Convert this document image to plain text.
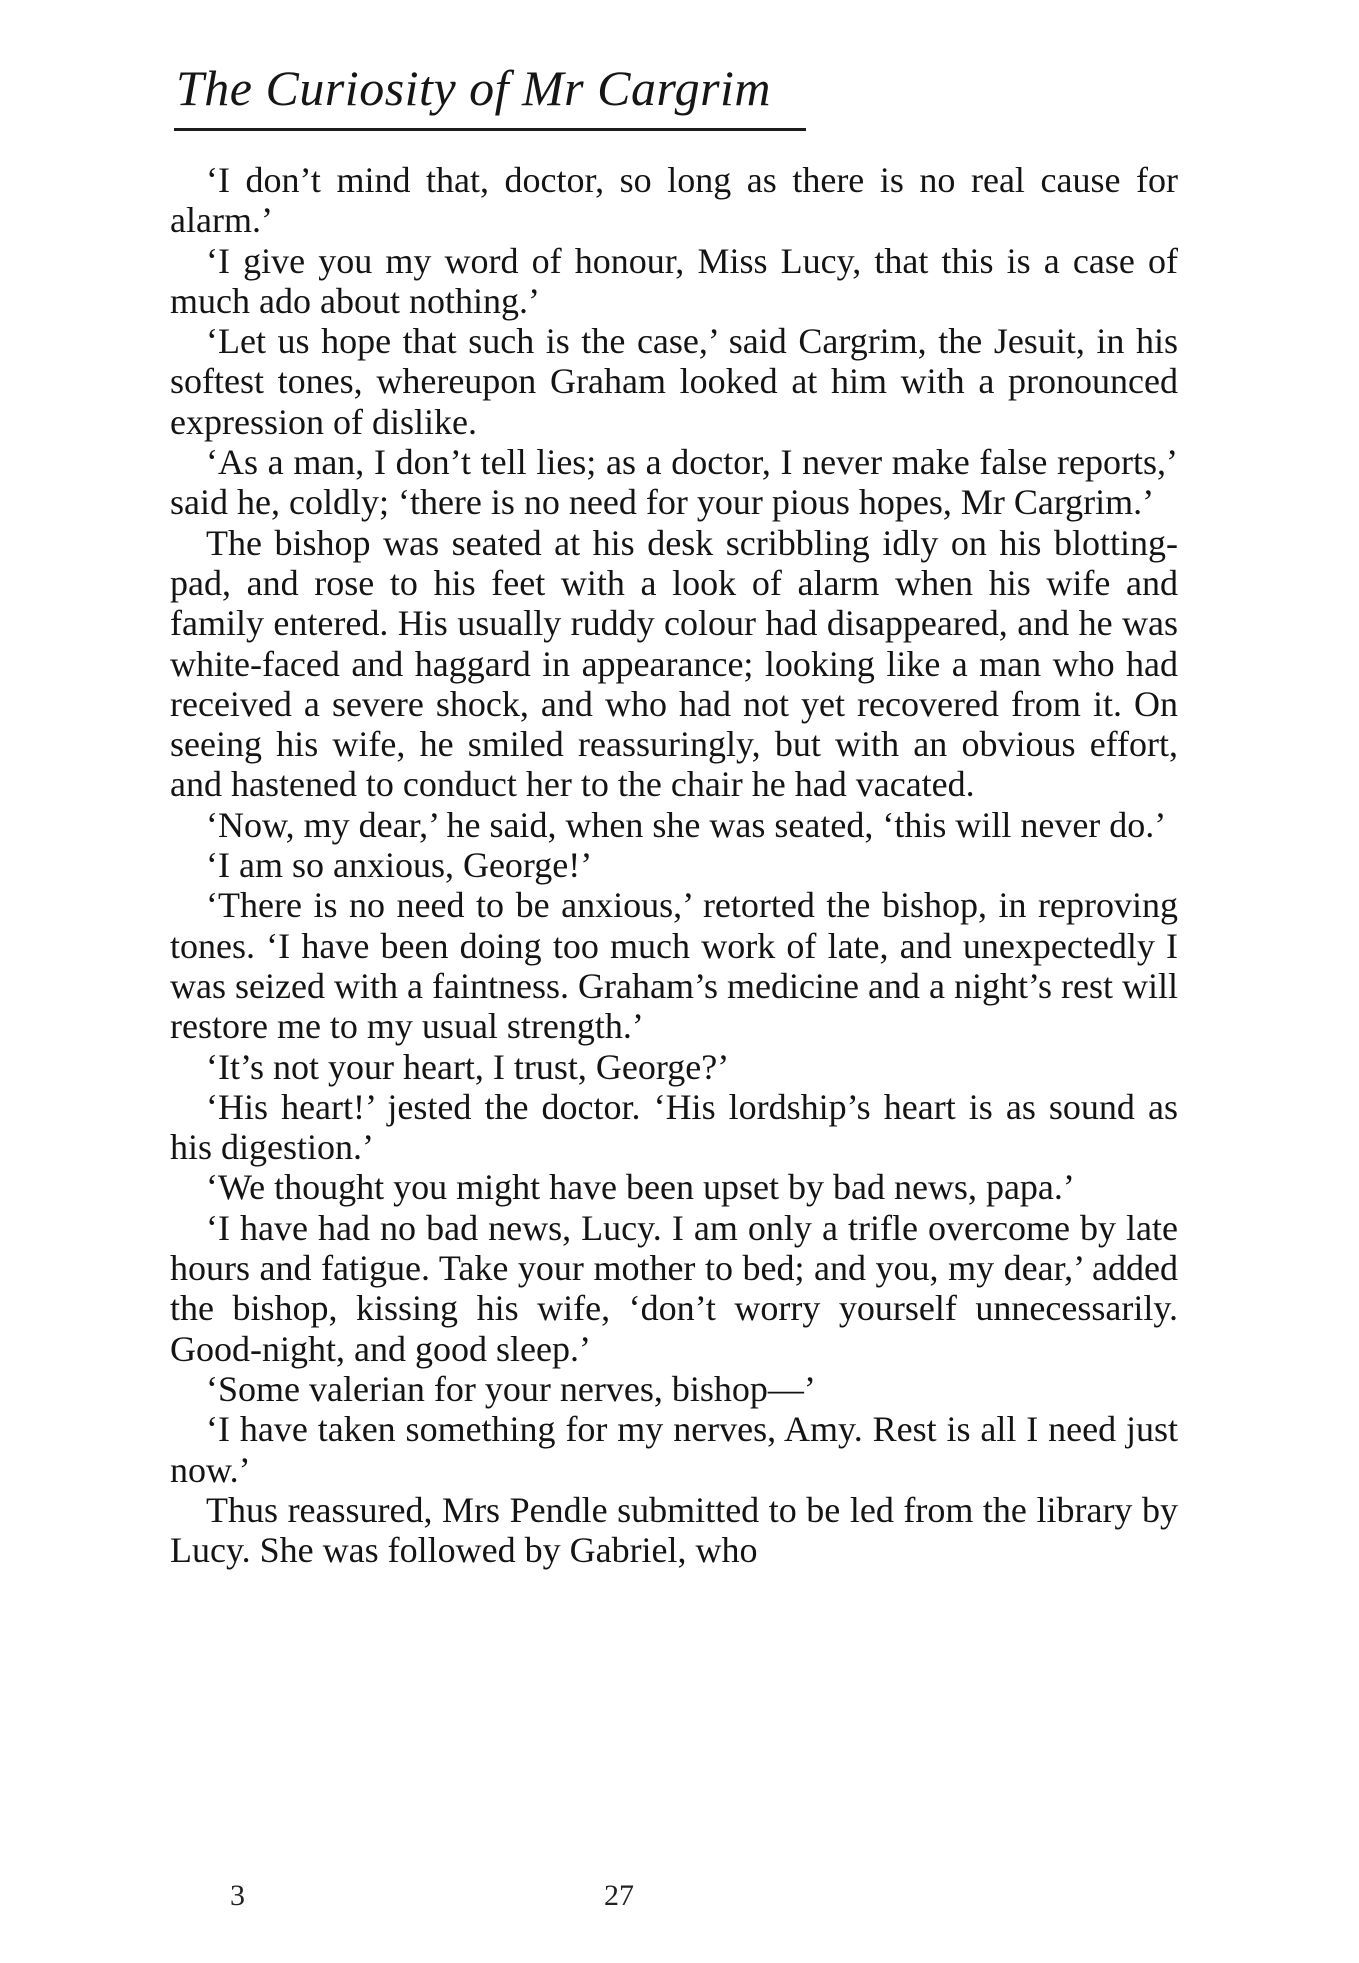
The Curiosity of Mr Cargrim

‘I don’t mind that, doctor, so long as there is no real cause for alarm.’

‘I give you my word of honour, Miss Lucy, that this is a case of much ado about nothing.’

‘Let us hope that such is the case,’ said Cargrim, the Jesuit, in his softest tones, whereupon Graham looked at him with a pronounced expression of dislike.

‘As a man, I don’t tell lies; as a doctor, I never make false reports,’ said he, coldly; ‘there is no need for your pious hopes, Mr Cargrim.’

The bishop was seated at his desk scribbling idly on his blotting-pad, and rose to his feet with a look of alarm when his wife and family entered. His usually ruddy colour had disappeared, and he was white-faced and haggard in appearance; looking like a man who had received a severe shock, and who had not yet recovered from it. On seeing his wife, he smiled reassuringly, but with an obvious effort, and hastened to conduct her to the chair he had vacated.

‘Now, my dear,’ he said, when she was seated, ‘this will never do.’

‘I am so anxious, George!’

‘There is no need to be anxious,’ retorted the bishop, in reproving tones. ‘I have been doing too much work of late, and unexpectedly I was seized with a faintness. Graham’s medicine and a night’s rest will restore me to my usual strength.’

‘It’s not your heart, I trust, George?’

‘His heart!’ jested the doctor. ‘His lordship’s heart is as sound as his digestion.’

‘We thought you might have been upset by bad news, papa.’

‘I have had no bad news, Lucy. I am only a trifle overcome by late hours and fatigue. Take your mother to bed; and you, my dear,’ added the bishop, kissing his wife, ‘don’t worry yourself unnecessarily. Good-night, and good sleep.’

‘Some valerian for your nerves, bishop—’

‘I have taken something for my nerves, Amy. Rest is all I need just now.’

Thus reassured, Mrs Pendle submitted to be led from the library by Lucy. She was followed by Gabriel, who

3	27
